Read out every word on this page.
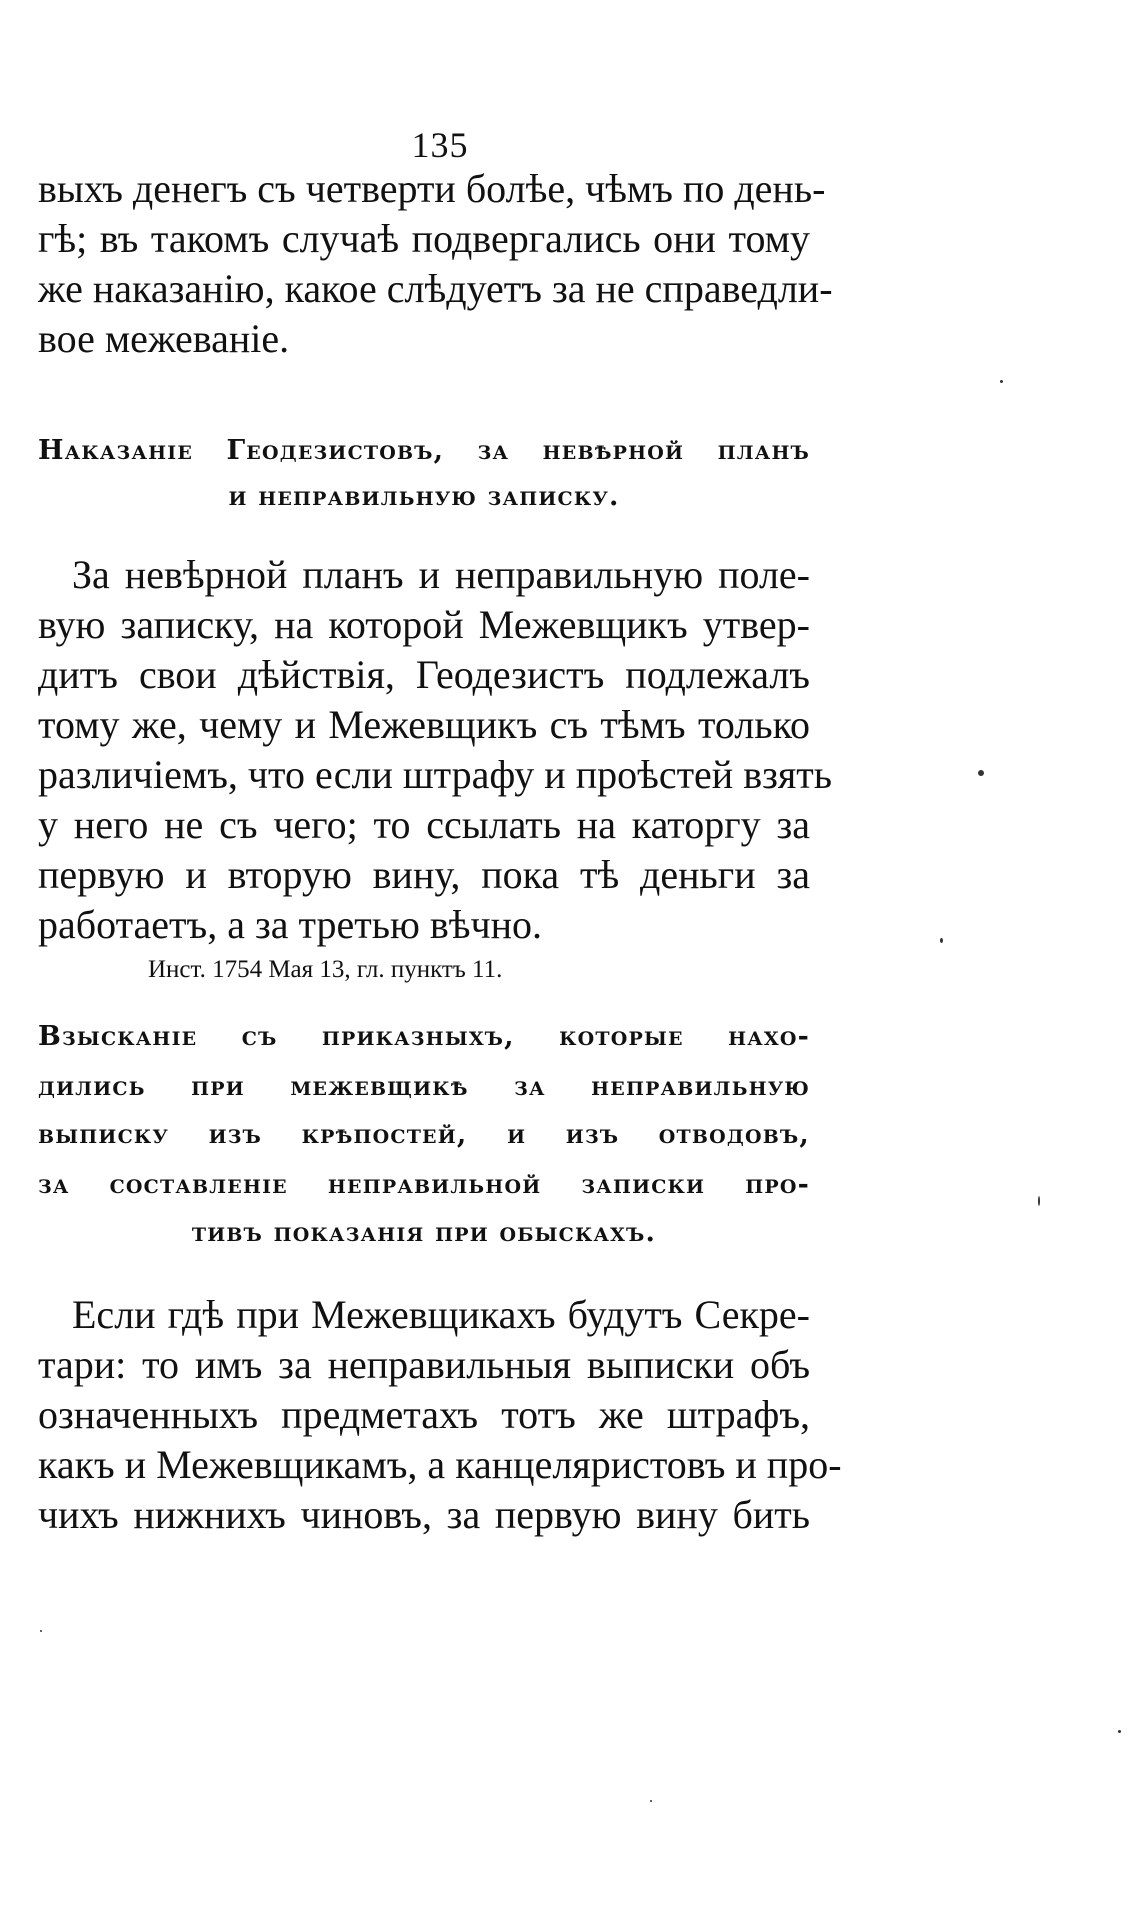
135
выхъ денегъ съ четверти болѣе, чѣмъ по день-
гѣ; въ такомъ случаѣ подвергались они тому
же наказанію, какое слѣдуетъ за не справедли-
вое межеваніе.
Наказаніе Геодезистовъ, за невѣрной планъ
и неправильную записку.
За невѣрной планъ и неправильную поле-
вую записку, на которой Межевщикъ утвер-
дитъ свои дѣйствія, Геодезистъ подлежалъ
тому же, чему и Межевщикъ съ тѣмъ только
различіемъ, что если штрафу и проѣстей взять
у него не съ чего; то ссылать на каторгу за
первую и вторую вину, пока тѣ деньги за
работаетъ, а за третью вѣчно.
Инст. 1754 Мая 13, гл. пунктъ 11.
Взысканіе съ приказныхъ, которые нахо-
дились при межевщикѣ за неправильную
выписку изъ крѣпостей, и изъ отводовъ,
за составленіе неправильной записки про-
тивъ показанія при обыскахъ.
Если гдѣ при Межевщикахъ будутъ Секре-
тари: то имъ за неправильныя выписки объ
означенныхъ предметахъ тотъ же штрафъ,
какъ и Межевщикамъ, а канцеляристовъ и про-
чихъ нижнихъ чиновъ, за первую вину бить
